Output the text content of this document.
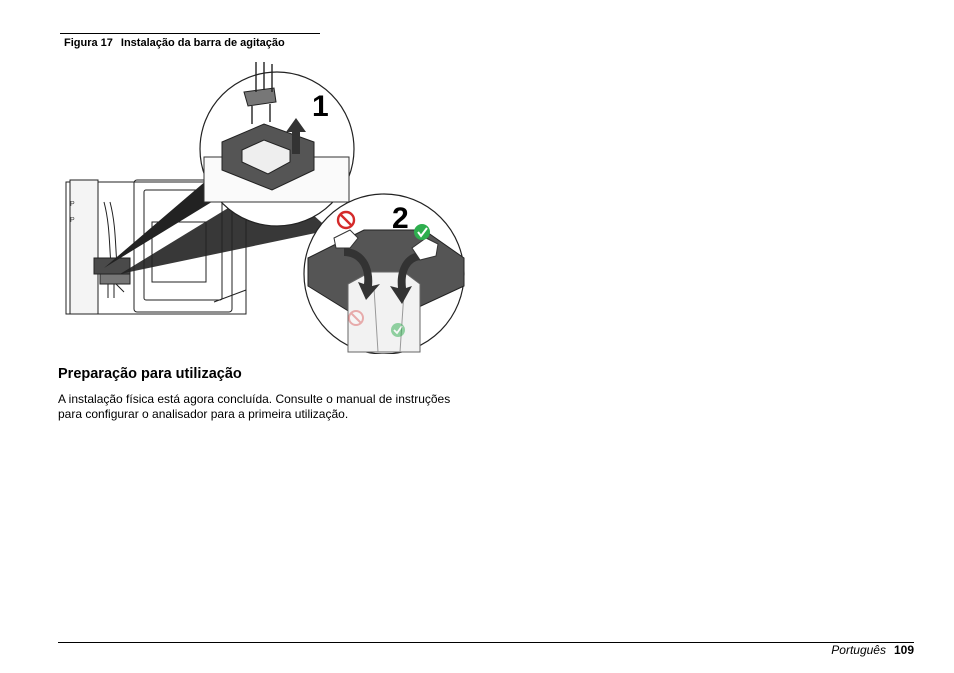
Figura 17 Instalação da barra de agitação
P
P
1
2
Preparação para utilização
A instalação física está agora concluída. Consulte o manual de instruções para configurar o analisador para a primeira utilização.
Português 109
